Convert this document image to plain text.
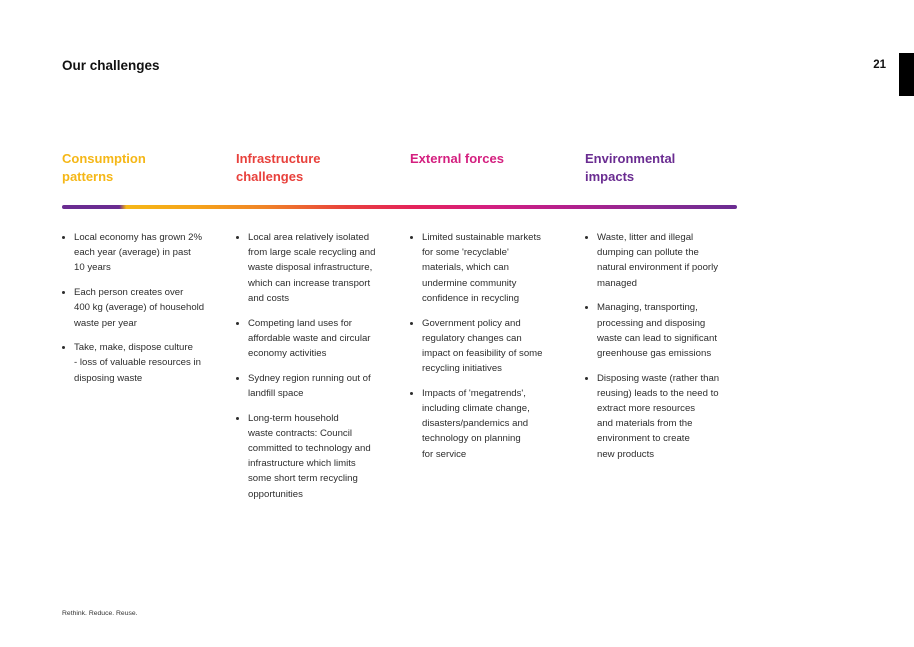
Our challenges	21
Consumption
patterns
Infrastructure
challenges
External forces	Environmental
impacts
• Local economy has grown 2%
each year (average) in past
10 years
• Each person creates over
400 kg (average) of household
waste per year
• Take, make, dispose culture
- loss of valuable resources in
disposing waste
• Local area relatively isolated
from large scale recycling and
waste disposal infrastructure,
which can increase transport
and costs
• Competing land uses for
affordable waste and circular
economy activities
• Sydney region running out of
landfill space
• Long-term household
waste contracts: Council
committed to technology and
infrastructure which limits
some short term recycling
opportunities
• Limited sustainable markets
for some 'recyclable'
materials, which can
undermine community
confidence in recycling
• Government policy and
regulatory changes can
impact on feasibility of some
recycling initiatives
• Impacts of 'megatrends',
including climate change,
disasters/pandemics and
technology on planning
for service
• Waste, litter and illegal
dumping can pollute the
natural environment if poorly
managed
• Managing, transporting,
processing and disposing
waste can lead to significant
greenhouse gas emissions
• Disposing waste (rather than
reusing) leads to the need to
extract more resources
and materials from the
environment to create
new products
Rethink. Reduce. Reuse.
